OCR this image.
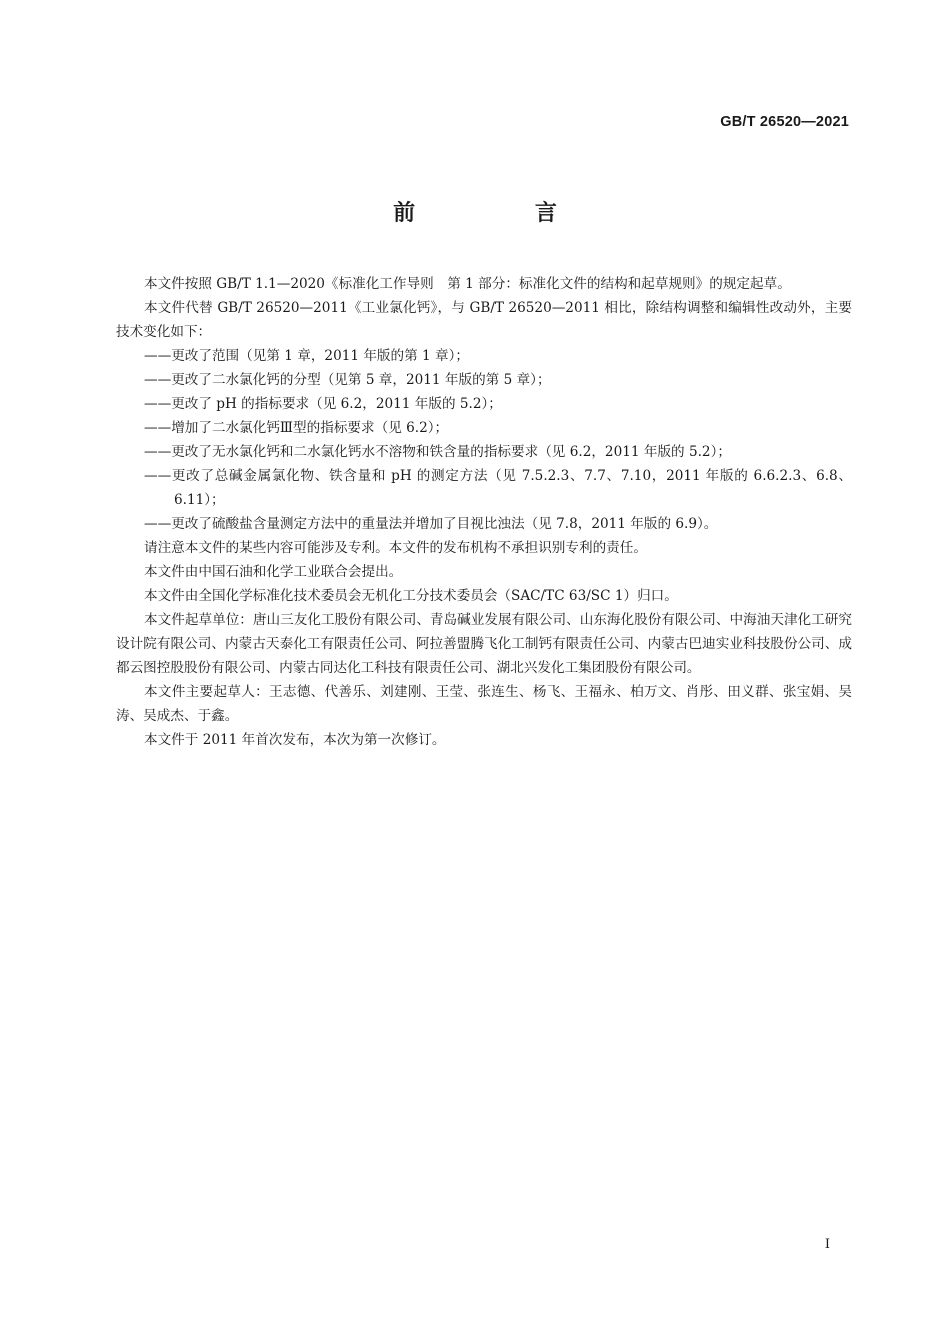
GB/T 26520—2021
前 言

本文件按照 GB/T 1.1—2020《标准化工作导则　第 1 部分：标准化文件的结构和起草规则》的规定起草。

本文件代替 GB/T 26520—2011《工业氯化钙》，与 GB/T 26520—2011 相比，除结构调整和编辑性改动外，主要技术变化如下：

——更改了范围（见第 1 章，2011 年版的第 1 章）；

——更改了二水氯化钙的分型（见第 5 章，2011 年版的第 5 章）；

——更改了 pH 的指标要求（见 6.2，2011 年版的 5.2）；

——增加了二水氯化钙Ⅲ型的指标要求（见 6.2）；

——更改了无水氯化钙和二水氯化钙水不溶物和铁含量的指标要求（见 6.2，2011 年版的 5.2）；

——更改了总碱金属氯化物、铁含量和 pH 的测定方法（见 7.5.2.3、7.7、7.10，2011 年版的 6.6.2.3、6.8、6.11）；

——更改了硫酸盐含量测定方法中的重量法并增加了目视比浊法（见 7.8，2011 年版的 6.9）。

请注意本文件的某些内容可能涉及专利。本文件的发布机构不承担识别专利的责任。

本文件由中国石油和化学工业联合会提出。

本文件由全国化学标准化技术委员会无机化工分技术委员会（SAC/TC 63/SC 1）归口。

本文件起草单位：唐山三友化工股份有限公司、青岛碱业发展有限公司、山东海化股份有限公司、中海油天津化工研究设计院有限公司、内蒙古天泰化工有限责任公司、阿拉善盟腾飞化工制钙有限责任公司、内蒙古巴迪实业科技股份公司、成都云图控股股份有限公司、内蒙古同达化工科技有限责任公司、湖北兴发化工集团股份有限公司。

本文件主要起草人：王志德、代善乐、刘建刚、王莹、张连生、杨飞、王福永、柏万文、肖彤、田义群、张宝娟、吴涛、吴成杰、于鑫。

本文件于 2011 年首次发布，本次为第一次修订。

I
